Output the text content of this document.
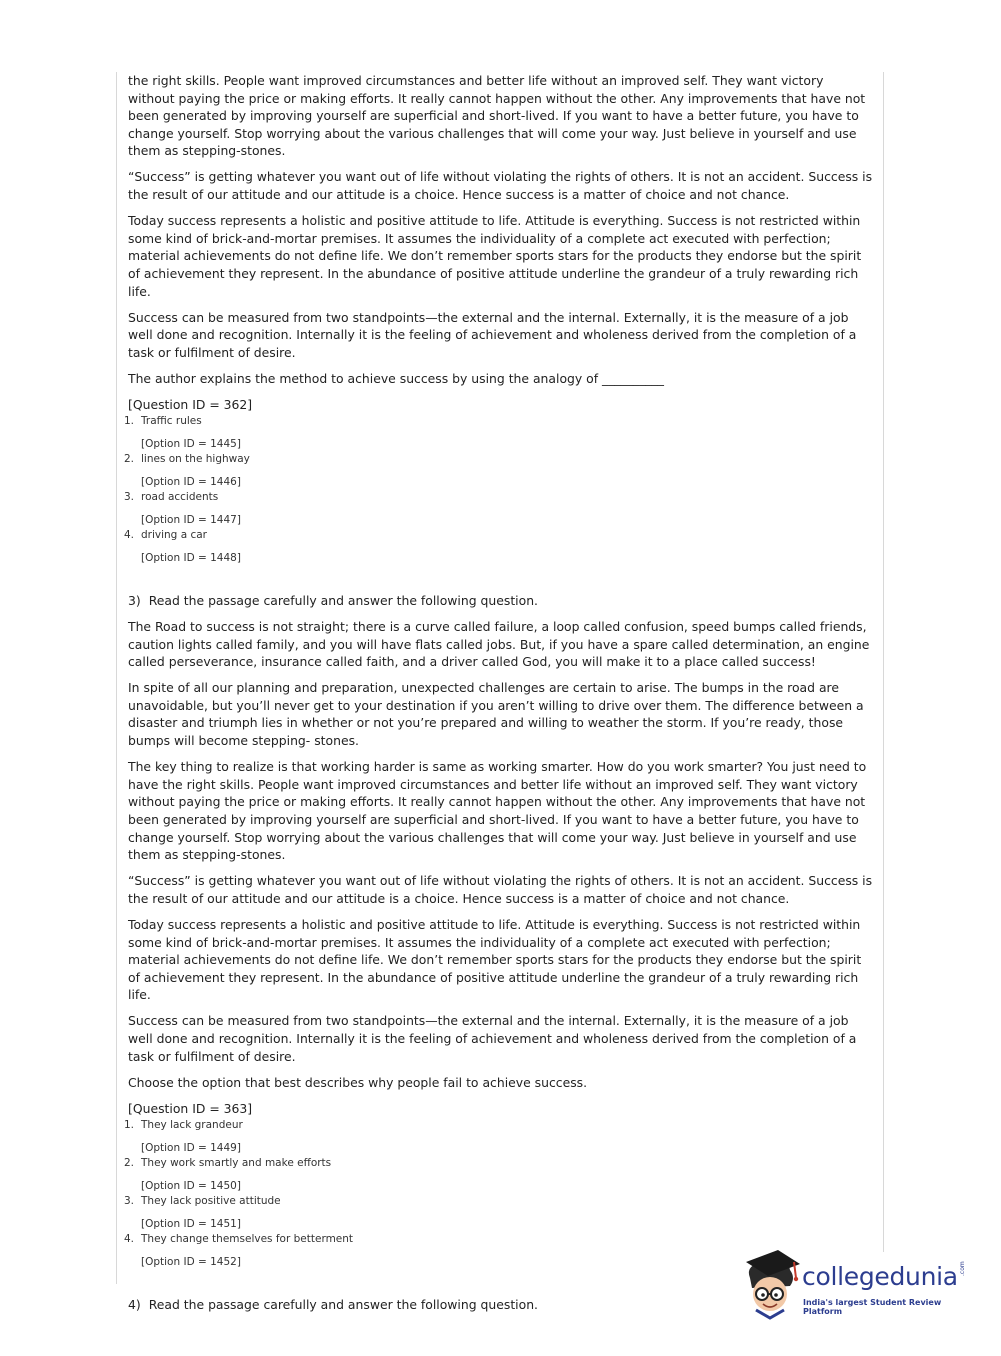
the right skills. People want improved circumstances and better life without an improved self. They want victory without paying the price or making efforts. It really cannot happen without the other. Any improvements that have not been generated by improving yourself are superficial and short-lived. If you want to have a better future, you have to change yourself. Stop worrying about the various challenges that will come your way. Just believe in yourself and use them as stepping-stones.

“Success” is getting whatever you want out of life without violating the rights of others. It is not an accident. Success is the result of our attitude and our attitude is a choice. Hence success is a matter of choice and not chance.

Today success represents a holistic and positive attitude to life. Attitude is everything. Success is not restricted within some kind of brick-and-mortar premises. It assumes the individuality of a complete act executed with perfection; material achievements do not define life. We don’t remember sports stars for the products they endorse but the spirit of achievement they represent. In the abundance of positive attitude underline the grandeur of a truly rewarding rich life.

Success can be measured from two standpoints—the external and the internal. Externally, it is the measure of a job well done and recognition. Internally it is the feeling of achievement and wholeness derived from the completion of a task or fulfilment of desire.

The author explains the method to achieve success by using the analogy of __________

[Question ID = 362]
1. Traffic rules
[Option ID = 1445]
2. lines on the highway
[Option ID = 1446]
3. road accidents
[Option ID = 1447]
4. driving a car
[Option ID = 1448]
3) Read the passage carefully and answer the following question.

The Road to success is not straight; there is a curve called failure, a loop called confusion, speed bumps called friends, caution lights called family, and you will have flats called jobs. But, if you have a spare called determination, an engine called perseverance, insurance called faith, and a driver called God, you will make it to a place called success!

In spite of all our planning and preparation, unexpected challenges are certain to arise. The bumps in the road are unavoidable, but you’ll never get to your destination if you aren’t willing to drive over them. The difference between a disaster and triumph lies in whether or not you’re prepared and willing to weather the storm. If you’re ready, those bumps will become stepping- stones.

The key thing to realize is that working harder is same as working smarter. How do you work smarter? You just need to have the right skills. People want improved circumstances and better life without an improved self. They want victory without paying the price or making efforts. It really cannot happen without the other. Any improvements that have not been generated by improving yourself are superficial and short-lived. If you want to have a better future, you have to change yourself. Stop worrying about the various challenges that will come your way. Just believe in yourself and use them as stepping-stones.

“Success” is getting whatever you want out of life without violating the rights of others. It is not an accident. Success is the result of our attitude and our attitude is a choice. Hence success is a matter of choice and not chance.

Today success represents a holistic and positive attitude to life. Attitude is everything. Success is not restricted within some kind of brick-and-mortar premises. It assumes the individuality of a complete act executed with perfection; material achievements do not define life. We don’t remember sports stars for the products they endorse but the spirit of achievement they represent. In the abundance of positive attitude underline the grandeur of a truly rewarding rich life.

Success can be measured from two standpoints—the external and the internal. Externally, it is the measure of a job well done and recognition. Internally it is the feeling of achievement and wholeness derived from the completion of a task or fulfilment of desire.

Choose the option that best describes why people fail to achieve success.

[Question ID = 363]
1. They lack grandeur
[Option ID = 1449]
2. They work smartly and make efforts
[Option ID = 1450]
3. They lack positive attitude
[Option ID = 1451]
4. They change themselves for betterment
[Option ID = 1452]
4) Read the passage carefully and answer the following question.
collegedunia .com
India's largest Student Review Platform
